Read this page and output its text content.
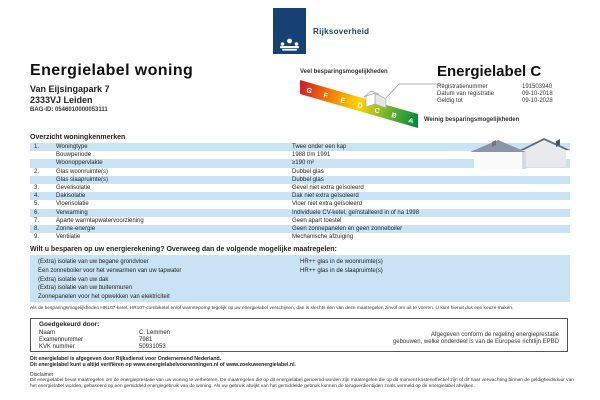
Rijksoverheid
Energielabel woning
Van Eijsingapark 7
2333VJ Leiden
BAG-ID: 0546010000053111
Veel besparingsmogelijkheden
G
F
E
D
C
B
A Weinig besparingsmogelijkheden
Energielabel C
Registratienummer	191503940
Datum van registratie	09-10-2018
Geldig tot	09-10-2028
Overzicht woningkenmerken
1.	Woningtype	Twee onder een kap
Bouwperiode	1988 t/m 1991
Woonoppervlakte	≥190 m²
2.	Glas woonruimte(s)	Dubbel glas
Glas slaapruimte(s)	Dubbel glas
3.	Gevelisolatie	Gevel niet extra geïsoleerd
4.	Dakisolatie	Dak niet extra geïsoleerd
5.	Vloerisolatie	Vloer niet extra geïsoleerd
6.	Verwarming	Individuele CV-ketel, geïnstalleerd in of na 1998
7.	Aparte warmtapwatervoorziening	Geen apart toestel
8.	Zonne-energie	Geen zonnepanelen en geen zonneboiler
9.	Ventilatie	Mechanische afzuiging
Wilt u besparen op uw energierekening? Overweeg dan de volgende mogelijke maatregelen:
(Extra) isolatie van uw begane grondvloer
Een zonneboiler voor het verwarmen van uw tapwater
(Extra) isolatie van uw dak
(Extra) isolatie van uw buitenmuren
Zonnepanelen voor het opwekken van elektriciteit
HR++ glas in de woonruimte(s)
HR++ glas in de slaapruimte(s)
Als de besparingsmogelijkheden HR107-ketel, HR107-combiketel en/of warmtepomp tegelijk op uw energielabel verschijnen, dan is slechts één van deze maatregelen zinvol om uit te voeren. U kunt hieruit dus een keuze maken.
Goedgekeurd door:
Naam	C. Lemmen
Examennummer	7981
KVK nummer	50931053
Afgegeven conform de regeling energieprestatie
gebouwen, welke onderdeel is van de Europese richtlijn EPBD
Dit energielabel is afgegeven door Rijksdienst voor Ondernemend Nederland.
Dit energielabel kunt u altijd verifiëren op www.energielabelvoorwoningen.nl of www.zoekuwenergielabel.nl.
Disclaimer
Dit energielabel bevat maatregelen om de energieprestatie van uw woning te verbeteren. De maatregelen die op dit energielabel genoemd worden zijn maatregelen die op dit moment kosteneffectief zijn of dit naar verwachting binnen de geldigheidsduur van het energielabel worden, gebaseerd op een gemiddeld energiegebruik van de woning. Als uw gebruik afwijkt van het gemiddelde gebruik kunnen de terugverdientijden zoals vermeld op de energielabel afwijken.
